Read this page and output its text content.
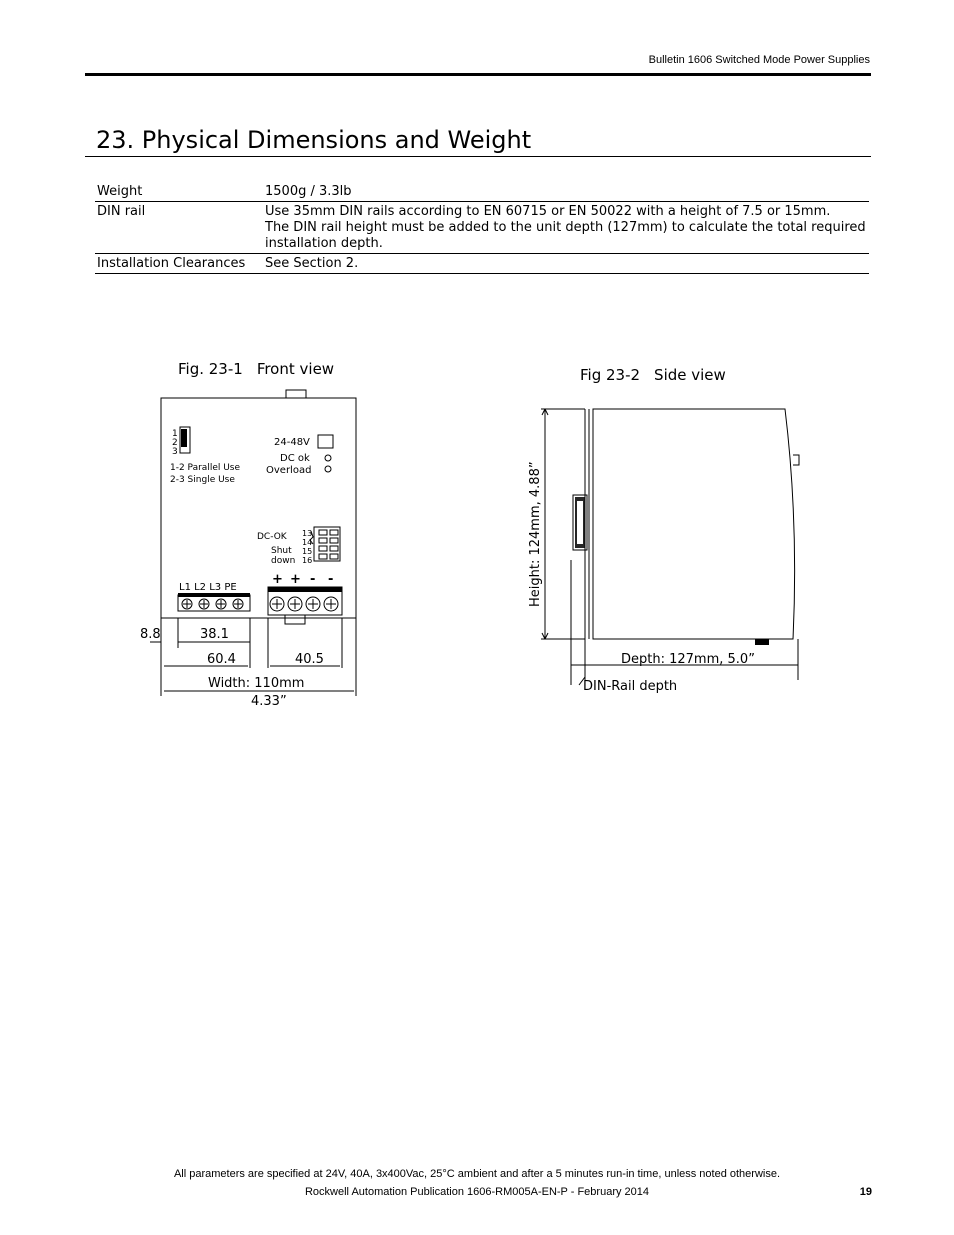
Bulletin 1606 Switched Mode Power Supplies
23. Physical Dimensions and Weight
Weight	1500g / 3.3lb
DIN rail	Use 35mm DIN rails according to EN 60715 or EN 50022 with a height of 7.5 or 15mm.
The DIN rail height must be added to the unit depth (127mm) to calculate the total required installation depth.

Installation Clearances	See Section 2.
Fig. 23-1 Front view	Fig 23-2 Side view
1
2
3
1-2 Parallel Use
2-3 Single Use
24-48V
DC ok
Overload
DC-OK 13
14
15
16
Shut
down
L1 L2 L3 PE
+ + - -
8.8	38.1
60.4	40.5
Width: 110mm
4.33”
Height: 124mm, 4.88”
Depth: 127mm, 5.0”
DIN-Rail depth
All parameters are specified at 24V, 40A, 3x400Vac, 25°C ambient and after a 5 minutes run-in time, unless noted otherwise.
Rockwell Automation Publication 1606-RM005A-EN-P - February 2014	19
